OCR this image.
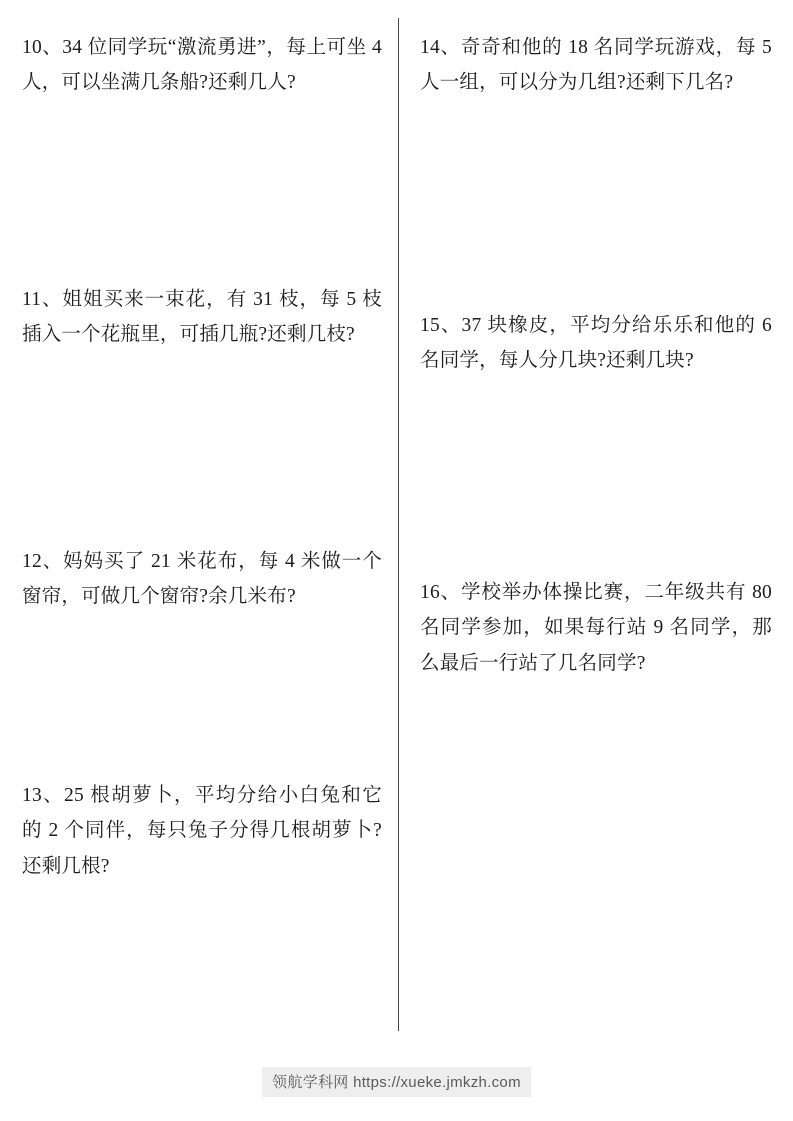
10、34 位同学玩“激流勇进”，每上可坐 4 人，可以坐满几条船?还剩几人?
11、姐姐买来一束花，有 31 枝，每 5 枝插入一个花瓶里，可插几瓶?还剩几枝?
12、妈妈买了 21 米花布，每 4 米做一个窗帘，可做几个窗帘?余几米布?
13、25 根胡萝卜，平均分给小白兔和它的 2 个同伴，每只兔子分得几根胡萝卜?还剩几根?
14、奇奇和他的 18 名同学玩游戏，每 5 人一组，可以分为几组?还剩下几名?
15、37 块橡皮，平均分给乐乐和他的 6 名同学，每人分几块?还剩几块?
16、学校举办体操比赛，二年级共有 80 名同学参加，如果每行站 9 名同学，那么最后一行站了几名同学?
领航学科网 https://xueke.jmkzh.com
